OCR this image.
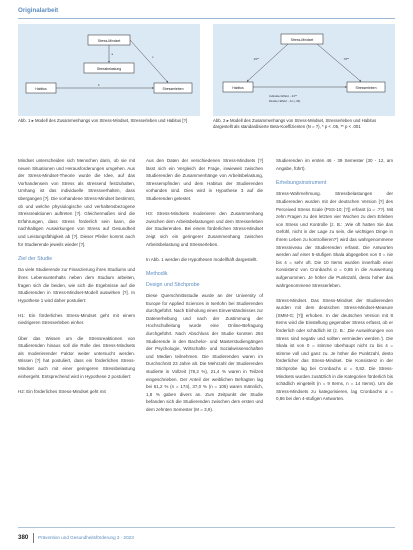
Originalarbeit
Stress-Mindset
Habitus
Stressbelastung
Stresserleben
a
b
c
Abb. 1 ▸ Modell des Zusammenhangs von Stress-Mindset, Stresserleben und Habitus [?]
Stress-Mindset
Habitus	Stresserleben
.29**	.78**
Indirekter Effekt: -.31**
Direkter Effekt: -.11 (-.09)
Abb. 2 ▸ Modell des Zusammenhangs von Stress-Mindset, Stresserleben und Habitus dargestellt als standardisierte Beta-Koeffizienten (N = ?), * p < .05, ** p < .001

Mindset unterscheiden sich Menschen darin, ob sie mit neuen Situationen und Herausforderungen umgehen. Aus der Stress-Mindset-Theorie wurde die Idee, auf das Vorhandensein von Stress als stressend festzuhalten, Umhang ist das individuelle Stressverhalten, dass übergangen [?]. Die vorhandene Stress-Mindset bestimmt, ob und welche physiologische und verhaltensbezogene Stressreaktionen auftreten [?]. Gleichermaßen sind die Erfahrungen, dass Stress förderlich sein kann, die nachhaltigen Auswirkungen von Stress auf Gesundheit und Leistungsfähigkeit ab [?]. Dieser Pfeiler kommt auch für Studierende jeweils wieder [?].

Ziel der Studie

Da viele Studierende zur Finanzierung ihres Studiums und ihres Lebensunterhalts neben dem Studium arbeiten, fragen sich die beiden, wie sich die Ergebnisse auf die Studierenden in Stress-Mindset-Modell auswirken [?]. In Hypothese 1 wird daher postuliert:

H1: Ein förderliches Stress-Mindset geht mit einem niedrigeren Stresserleben einher.

Über das Wissen um die Stressreaktionen von Studierenden hinaus soll die Rolle des Stress-Mindsets als moderierender Faktor weiter untersucht werden. Wissen [?] hat postuliert, dass ein förderliches Stress-Mindset auch mit einer geringeren Stressbelastung einhergeht. Entsprechend wird in Hypothese 2 postuliert:

H2: Ein förderliches Stress-Mindset geht mit

Aus den Daten der verschiedenen Stress-Mindsets [?] lässt sich ein Vergleich der Frage, inwieweit zwischen Studierenden die Zusammenhänge von Arbeitsbelastung, Stressempfinden und dem Habitus der Studierenden vorhanden sind. Dies wird in Hypothese 3 auf die Studierenden getestet.

H3: Stress-Mindsets moderieren den Zusammenhang zwischen dem Arbeitsbelastungen und dem Stresserleben der Studierenden. Bei einem förderlichen Stress-Mindset zeigt sich ein geringerer Zusammenhang zwischen Arbeitsbelastung und Stresserleben.

In Abb. 1 werden die Hypothesen modellhaft dargestellt.

Methodik
Design und Stichprobe

Diese Querschnittsstudie wurde an der University of Europe for Applied Sciences in Iserlohn bei Studierenden durchgeführt. Nach Einholung eines Einverständnisses zur Datenerhebung und nach der Zustimmung der Hochschulleitung wurde eine Online-Befragung durchgeführt. Nach Abschluss der Studie konnten 284 Studierende in den Bachelor- und Masterstudiengängen der Psychologie, Wirtschafts- und Sozialwissenschaften und Medien teilnehmen. Die Studierenden waren im Durchschnitt 23 Jahre alt. Die Mehrzahl der Studierenden studierte in Vollzeit (78,2 %), 21,4 % waren in Teilzeit eingeschrieben. Der Anteil der weiblichen Befragten lag bei 61,2 % (n = 174), 37,0 % (n = 105) waren männlich, 1,8 % gaben divers an. Zum Zeitpunkt der Studie befanden sich die Studierenden zwischen dem ersten und dem zehnten Semester (M = 3,9).

Studierenden im ersten 46 - 39 Semester (30 - 12, am Angabe, führt).

Erhebungsinstrument

Stress-Wahrnehmung. Stressbelastungen der Studierenden wurden mit der deutschen Version [?] des Perceived Stress Scale (PSS-10; [?]) erfasst (α = .??). Mit zehn Fragen zu den letzten vier Wochen zu dem Erleben von Stress und Kontrolle (z. B.: ‚Wie oft hatten Sie das Gefühl, nicht in der Lage zu sein, die wichtigen Dinge in Ihrem Leben zu kontrollieren?') wird das wahrgenommene Stressniveau der Studierenden erfasst. Die Antworten werden auf einer 5-stufigen Skala abgegeben von 0 = nie bis 4 = sehr oft. Die 10 Items wurden innerhalb einer Konsistenz von Cronbachs α = 0,85 in die Auswertung aufgenommen. Je höher die Punktzahl, desto höher das wahrgenommene Stresserleben.

Stress-Mindset. Das Stress-Mindset der Studierenden wurden mit dem deutschen Stress-Mindset-Measure (SMM-G; [?]) erhoben. In der deutschen Version mit 8 Items wird die Einstellung gegenüber Stress erfasst, ob er förderlich oder schädlich ist (z. B.: ‚Die Auswirkungen von Stress sind negativ und sollten vermieden werden.'). Die Skala ist von 0 = stimme überhaupt nicht zu bis 4 = stimme voll und ganz zu. Je höher die Punktzahl, desto förderlicher das Stress-Mindset. Die Konsistenz in der Stichprobe lag bei Cronbachs α = 0,82. Die Stress-Mindsets wurden zusätzlich in die Kategorien förderlich bis schädlich eingeteilt (n = 9 Items, n = 14 Items). Um die Stress-Mindsets zu kategorisieren, lag Cronbachs α = 0,86 bei den 4-stufigen Antworten.

380 Prävention und Gesundheitsförderung 3 · 2023
